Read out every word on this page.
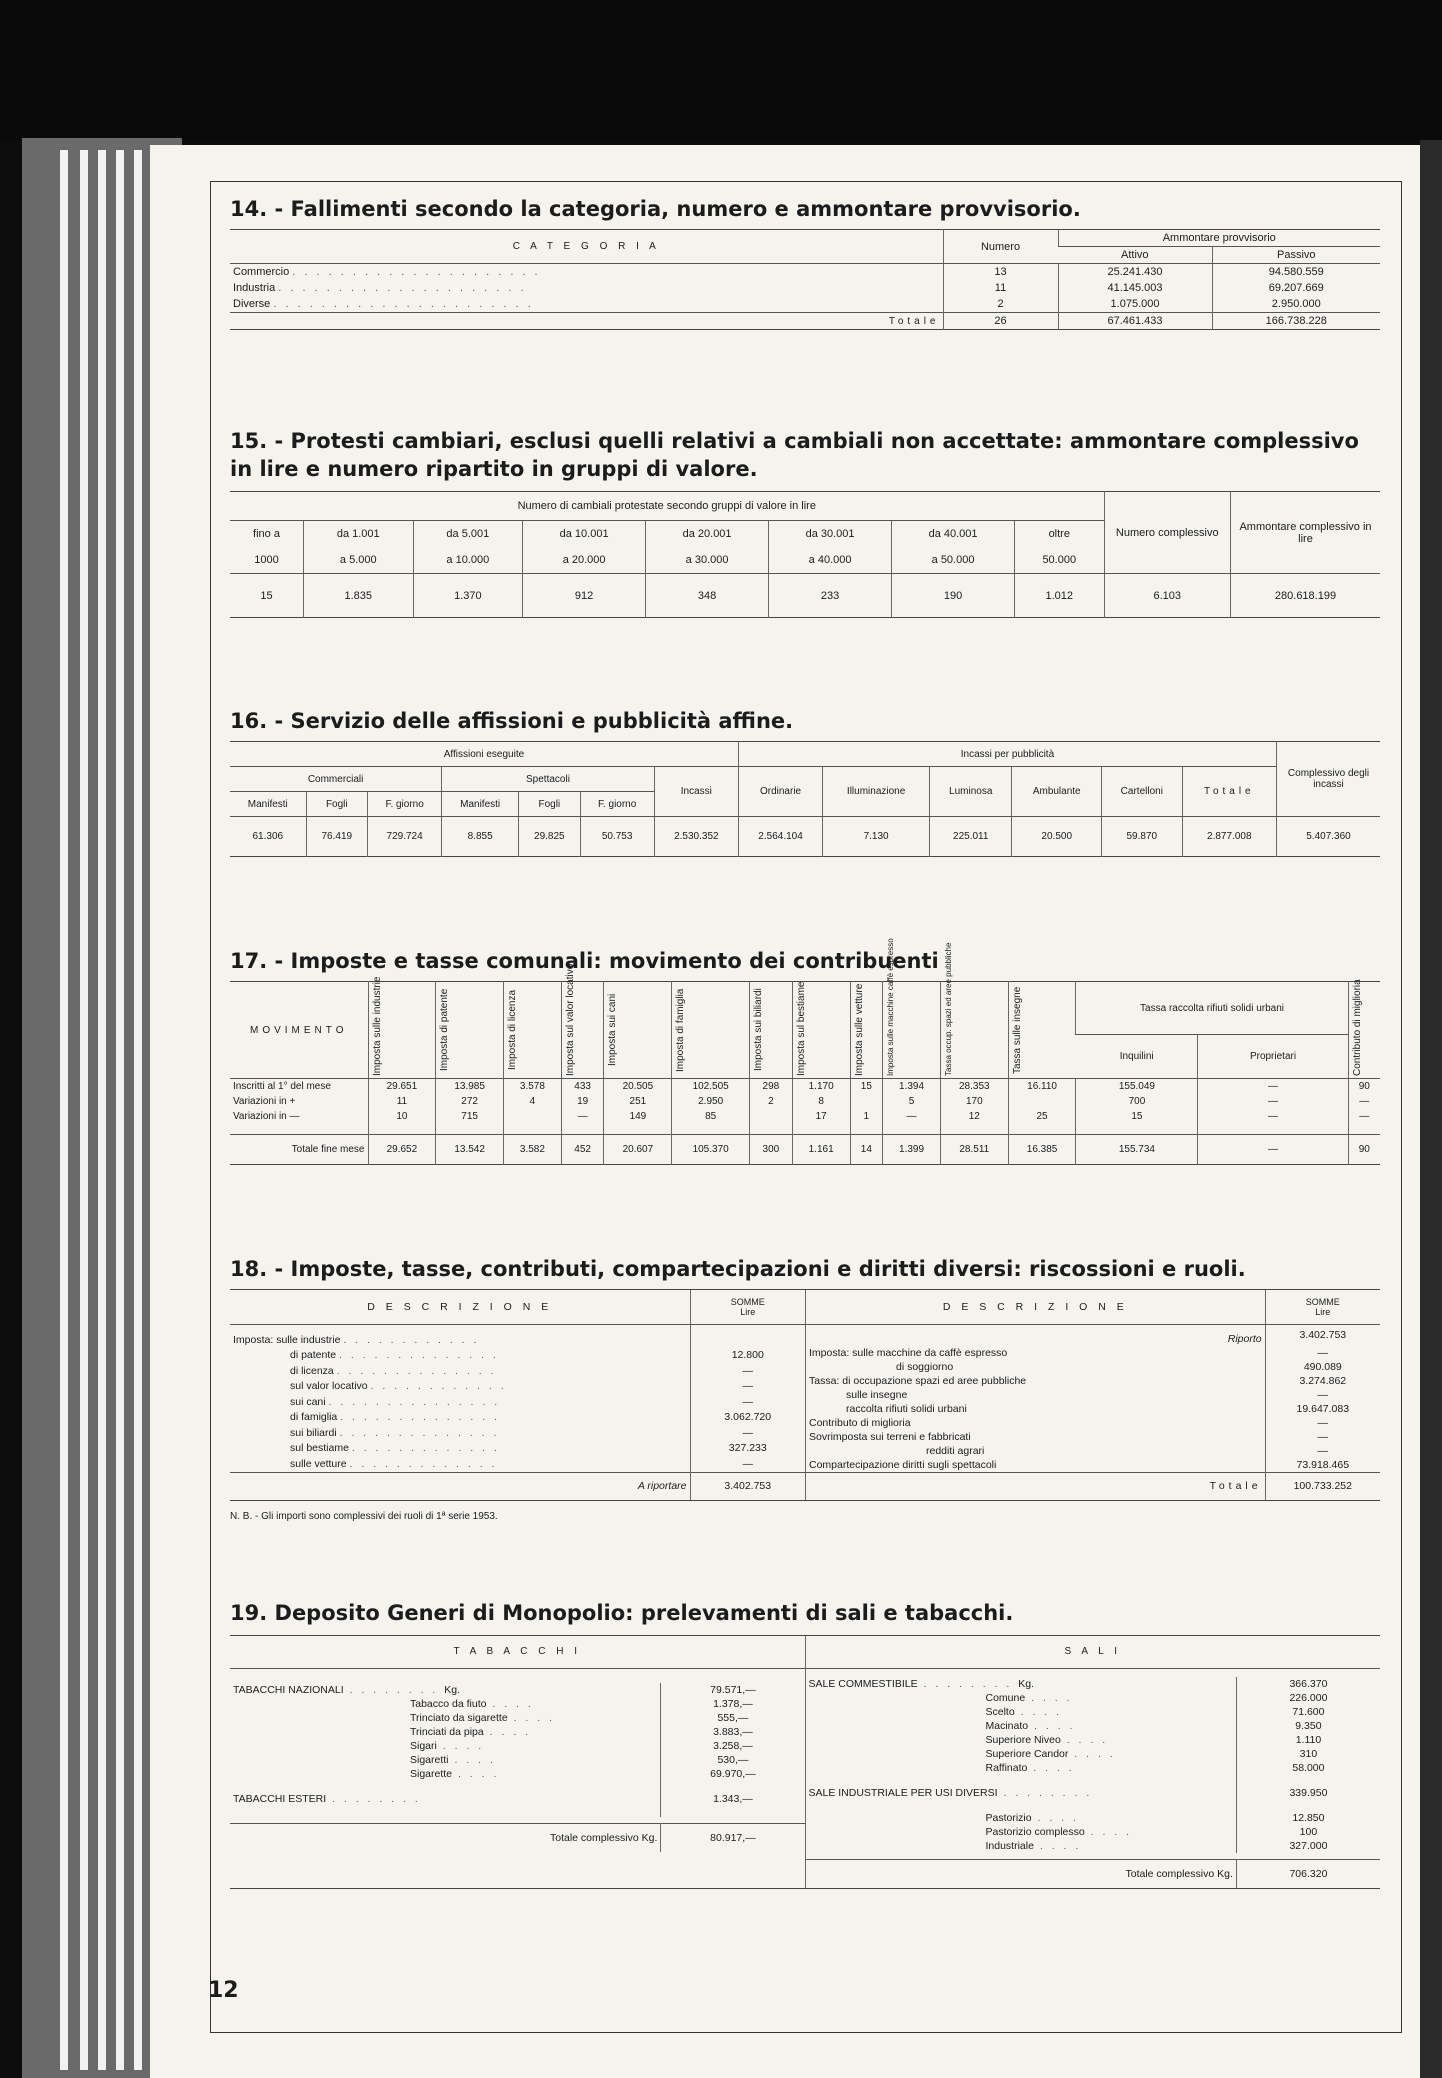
14. - Fallimenti secondo la categoria, numero e ammontare provvisorio.
C A T E G O R I A	Numero	Ammontare provvisorio	
		Attivo	Passivo
Commercio . . . . . . . . . . . . . . . . . . . . .	13	25.241.430	94.580.559
Industria . . . . . . . . . . . . . . . . . . . . .	11	41.145.003	69.207.669
Diverse . . . . . . . . . . . . . . . . . . . . . .	2	1.075.000	2.950.000
Totale	26	67.461.433	166.738.228
15. - Protesti cambiari, esclusi quelli relativi a cambiali non accettate: ammontare complessivo in lire e numero ripartito in gruppi di valore.
Numero di cambiali protestate secondo gruppi di valore in lire								Numero complessivo	Ammontare complessivo in lire
fino a	da 1.001	da 5.001	da 10.001	da 20.001	da 30.001	da 40.001	oltre		
1000	a 5.000	a 10.000	a 20.000	a 30.000	a 40.000	a 50.000	50.000		
15	1.835	1.370	912	348	233	190	1.012	6.103	280.618.199
16. - Servizio delle affissioni e pubblicità affine.
Affissioni eseguite							Incassi per pubblicità						Complessivo degli incassi
Commerciali			Spettacoli			Incassi	Ordinarie	Illuminazione	Luminosa	Ambulante	Cartelloni	Totale	
Manifesti	Fogli	F. giorno	Manifesti	Fogli	F. giorno								
61.306	76.419	729.724	8.855	29.825	50.753	2.530.352	2.564.104	7.130	225.011	20.500	59.870	2.877.008	5.407.360
17. - Imposte e tasse comunali: movimento dei contribuenti
MOVIMENTO	Imposta sulle industrie	Imposta di patente	Imposta di licenza	Imposta sul valor locativo	Imposta sui cani	Imposta di famiglia	Imposta sui biliardi	Imposta sul bestiame	Imposta sulle vetture	Imposta sulle macchine caffè espresso	Tassa occup. spazi ed aree pubbliche	Tassa sulle insegne	Tassa raccolta rifiuti solidi urbani		Contributo di miglioria

													Inquilini	Proprietari	
Inscritti al 1° del mese	29.651	13.985	3.578	433	20.505	102.505	298	1.170	15	1.394	28.353	16.110	155.049	—	90
Variazioni in +	11	272	4	19	251	2.950	2	8		5	170		700	—	—
Variazioni in —	10	715		—	149	85		17	1	—	12	25	15	—	—

Totale fine mese	29.652	13.542	3.582	452	20.607	105.370	300	1.161	14	1.399	28.511	16.385	155.734	—	90
18. - Imposte, tasse, contributi, compartecipazioni e diritti diversi: riscossioni e ruoli.
D E S C R I Z I O N E	SOMME
Lire

Imposta: sulle industrie . . . . . . . . . . . .	
di patente . . . . . . . . . . . . . .	12.800
di licenza . . . . . . . . . . . . . .	—
sul valor locativo . . . . . . . . . . . .	—
sui cani . . . . . . . . . . . . . . .	—
di famiglia . . . . . . . . . . . . . .	3.062.720
sui biliardi . . . . . . . . . . . . . .	—
sul bestiame . . . . . . . . . . . . .	327.233
sulle vetture . . . . . . . . . . . . .	—
A riportare	3.402.753
D E S C R I Z I O N E	SOMME
Lire

Riporto	3.402.753
Imposta: sulle macchine da caffè espresso	—
di soggiorno	490.089
Tassa: di occupazione spazi ed aree pubbliche	3.274.862
sulle insegne	—
raccolta rifiuti solidi urbani	19.647.083
Contributo di miglioria	—
Sovrimposta sui terreni e fabbricati	—
redditi agrari	—
Compartecipazione diritti sugli spettacoli	73.918.465
Totale	100.733.252
N. B. - Gli importi sono complessivi dei ruoli di 1ª serie 1953.
19. Deposito Generi di Monopolio: prelevamenti di sali e tabacchi.
T A B A C C H I
TABACCHI NAZIONALI . . . . . . . . Kg.	79.571,—
Tabacco da fiuto . . . .	1.378,—
Trinciato da sigarette . . . .	555,—
Trinciati da pipa . . . .	3.883,—
Sigari . . . .	3.258,—
Sigaretti . . . .	530,—
Sigarette . . . .	69.970,—
TABACCHI ESTERI . . . . . . . .	1.343,—
Totale complessivo Kg.	80.917,—
S A L I
SALE COMMESTIBILE . . . . . . . . Kg.	366.370
Comune . . . .	226.000
Scelto . . . .	71.600
Macinato . . . .	9.350
Superiore Niveo . . . .	1.110
Superiore Candor . . . .	310
Raffinato . . . .	58.000
SALE INDUSTRIALE PER USI DIVERSI . . . . . . . .	339.950
Pastorizio . . . .	12.850
Pastorizio complesso . . . .	100
Industriale . . . .	327.000
Totale complessivo Kg.	706.320
12
